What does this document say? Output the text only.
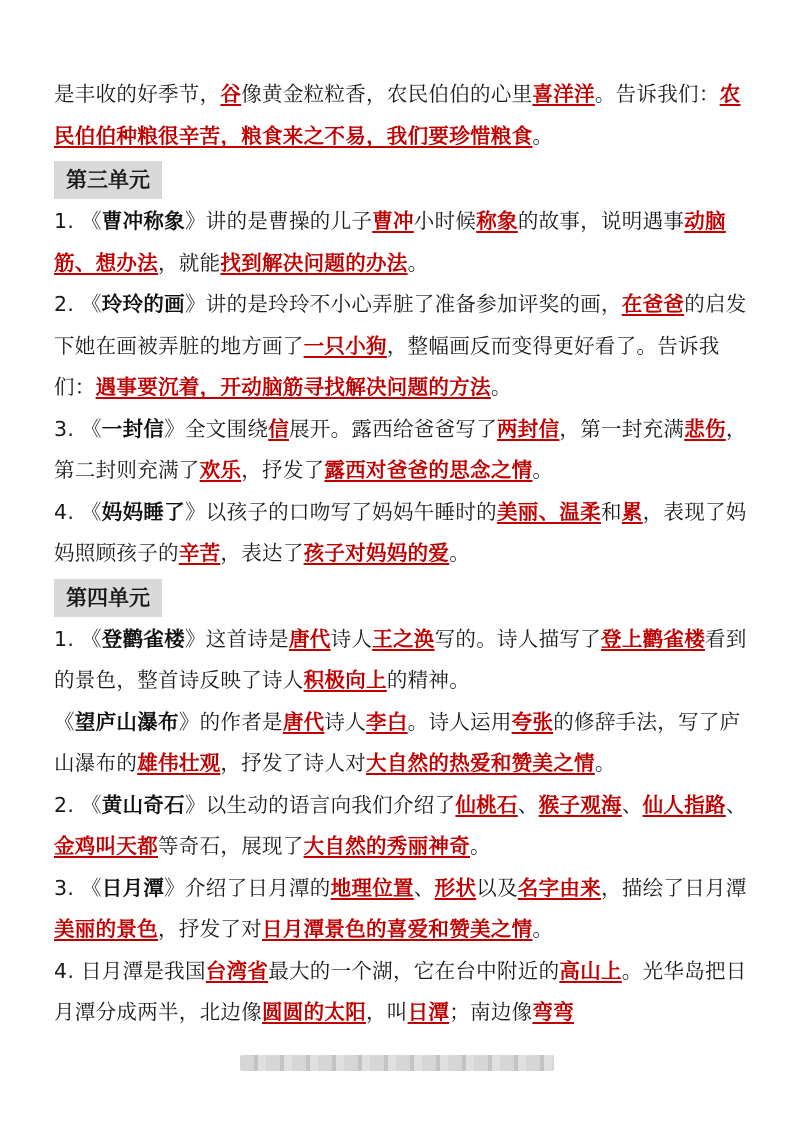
是丰收的好季节，谷像黄金粒粒香，农民伯伯的心里喜洋洋。告诉我们：农民伯伯种粮很辛苦，粮食来之不易，我们要珍惜粮食。

第三单元

1. 《曹冲称象》讲的是曹操的儿子曹冲小时候称象的故事，说明遇事动脑筋、想办法，就能找到解决问题的办法。

2. 《玲玲的画》讲的是玲玲不小心弄脏了准备参加评奖的画，在爸爸的启发下她在画被弄脏的地方画了一只小狗，整幅画反而变得更好看了。告诉我们：遇事要沉着，开动脑筋寻找解决问题的方法。

3. 《一封信》全文围绕信展开。露西给爸爸写了两封信，第一封充满悲伤，第二封则充满了欢乐，抒发了露西对爸爸的思念之情。

4. 《妈妈睡了》以孩子的口吻写了妈妈午睡时的美丽、温柔和累，表现了妈妈照顾孩子的辛苦，表达了孩子对妈妈的爱。

第四单元

1. 《登鹳雀楼》这首诗是唐代诗人王之涣写的。诗人描写了登上鹳雀楼看到的景色，整首诗反映了诗人积极向上的精神。

《望庐山瀑布》的作者是唐代诗人李白。诗人运用夸张的修辞手法，写了庐山瀑布的雄伟壮观，抒发了诗人对大自然的热爱和赞美之情。

2. 《黄山奇石》以生动的语言向我们介绍了仙桃石、猴子观海、仙人指路、金鸡叫天都等奇石，展现了大自然的秀丽神奇。

3. 《日月潭》介绍了日月潭的地理位置、形状以及名字由来，描绘了日月潭美丽的景色，抒发了对日月潭景色的喜爱和赞美之情。

4. 日月潭是我国台湾省最大的一个湖，它在台中附近的高山上。光华岛把日月潭分成两半，北边像圆圆的太阳，叫日潭；南边像弯弯
